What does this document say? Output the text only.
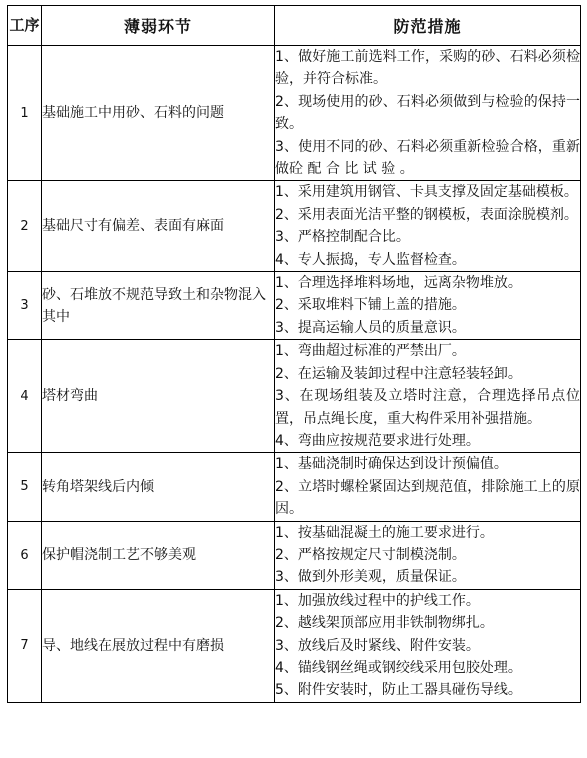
工序	薄弱环节	防范措施
1	基础施工中用砂、石料的问题	1、做好施工前选料工作，采购的砂、石料必须检验，并符合标准。
2、现场使用的砂、石料必须做到与检验的保持一致。
3、使用不同的砂、石料必须重新检验合格，重新做砼 配 合 比 试 验 。

2	基础尺寸有偏差、表面有麻面	1、采用建筑用钢管、卡具支撑及固定基础模板。
2、采用表面光洁平整的钢模板，表面涂脱模剂。
3、严格控制配合比。
4、专人振捣，专人监督检查。

3	砂、石堆放不规范导致土和杂物混入其中	1、合理选择堆料场地，远离杂物堆放。
2、采取堆料下铺上盖的措施。
3、提高运输人员的质量意识。

4	塔材弯曲	1、弯曲超过标准的严禁出厂。
2、在运输及装卸过程中注意轻装轻卸。
3、在现场组装及立塔时注意，合理选择吊点位置，吊点绳长度，重大构件采用补强措施。
4、弯曲应按规范要求进行处理。

5	转角塔架线后内倾	1、基础浇制时确保达到设计预偏值。
2、立塔时螺栓紧固达到规范值，排除施工上的原因。

6	保护帽浇制工艺不够美观	1、按基础混凝土的施工要求进行。
2、严格按规定尺寸制模浇制。
3、做到外形美观，质量保证。

7	导、地线在展放过程中有磨损	1、加强放线过程中的护线工作。
2、越线架顶部应用非铁制物绑扎。
3、放线后及时紧线、附件安装。
4、锚线钢丝绳或钢绞线采用包胶处理。
5、附件安装时，防止工器具碰伤导线。
